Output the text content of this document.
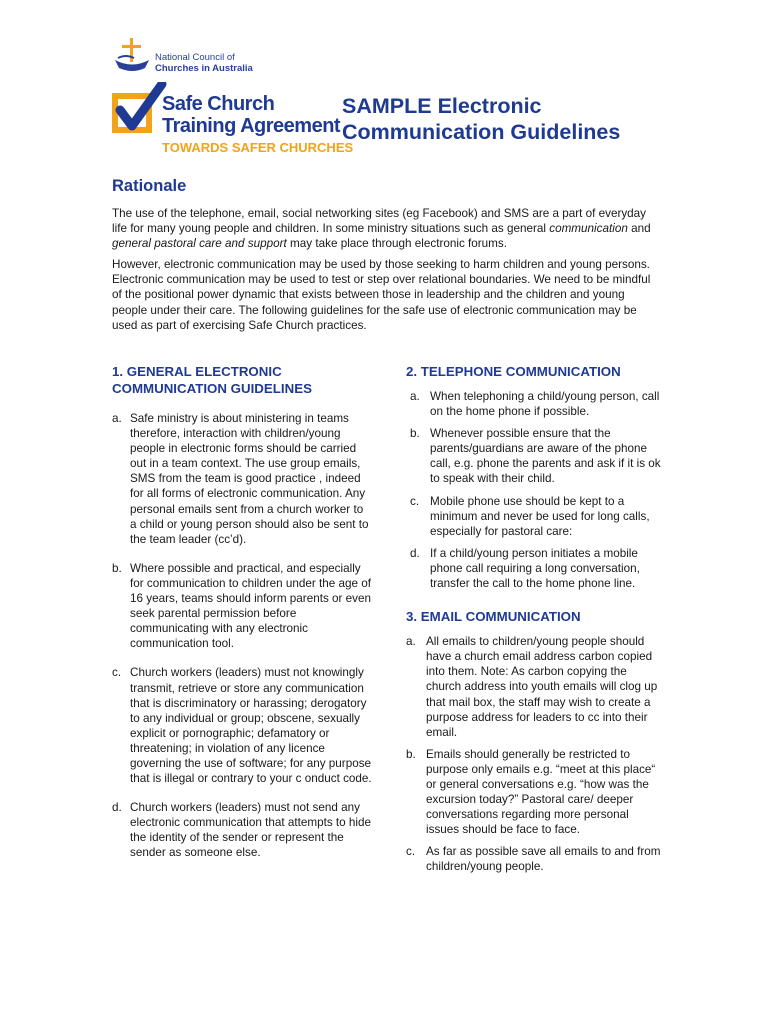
National Council of
Churches in Australia
Safe Church
Training Agreement
TOWARDS SAFER CHURCHES
SAMPLE Electronic
Communication Guidelines
Rationale

The use of the telephone, email, social networking sites (eg Facebook) and SMS are a part of everyday life for many young people and children. In some ministry situations such as general communication and general pastoral care and support may take place through electronic forums.

However, electronic communication may be used by those seeking to harm children and young persons. Electronic communication may be used to test or step over relational boundaries. We need to be mindful of the positional power dynamic that exists between those in leadership and the children and young people under their care. The following guidelines for the safe use of electronic communication may be used as part of exercising Safe Church practices.

1. GENERAL ELECTRONIC COMMUNICATION GUIDELINES
a. Safe ministry is about ministering in teams therefore, interaction with children/young people in electronic forms should be carried out in a team context. The use group emails, SMS from the team is good practice , indeed for all forms of electronic communication. Any personal emails sent from a church worker to a child or young person should also be sent to the team leader (cc’d).
b. Where possible and practical, and especially for communication to children under the age of 16 years, teams should inform parents or even seek parental permission before communicating with any electronic communication tool.
c. Church workers (leaders) must not knowingly transmit, retrieve or store any communication that is discriminatory or harassing; derogatory to any individual or group; obscene, sexually explicit or pornographic; defamatory or threatening; in violation of any licence governing the use of software; for any purpose that is illegal or contrary to your c onduct code.
d. Church workers (leaders) must not send any electronic communication that attempts to hide the identity of the sender or represent the sender as someone else.
2. TELEPHONE COMMUNICATION
a. When telephoning a child/young person, call on the home phone if possible.
b. Whenever possible ensure that the parents/guardians are aware of the phone call, e.g. phone the parents and ask if it is ok to speak with their child.
c. Mobile phone use should be kept to a minimum and never be used for long calls, especially for pastoral care:
d. If a child/young person initiates a mobile phone call requiring a long conversation, transfer the call to the home phone line.
3. EMAIL COMMUNICATION
a. All emails to children/young people should have a church email address carbon copied into them. Note: As carbon copying the church address into youth emails will clog up that mail box, the staff may wish to create a purpose address for leaders to cc into their email.
b. Emails should generally be restricted to purpose only emails e.g. “meet at this place“ or general conversations e.g. “how was the excursion today?” Pastoral care/ deeper conversations regarding more personal issues should be face to face.
c. As far as possible save all emails to and from children/young people.
